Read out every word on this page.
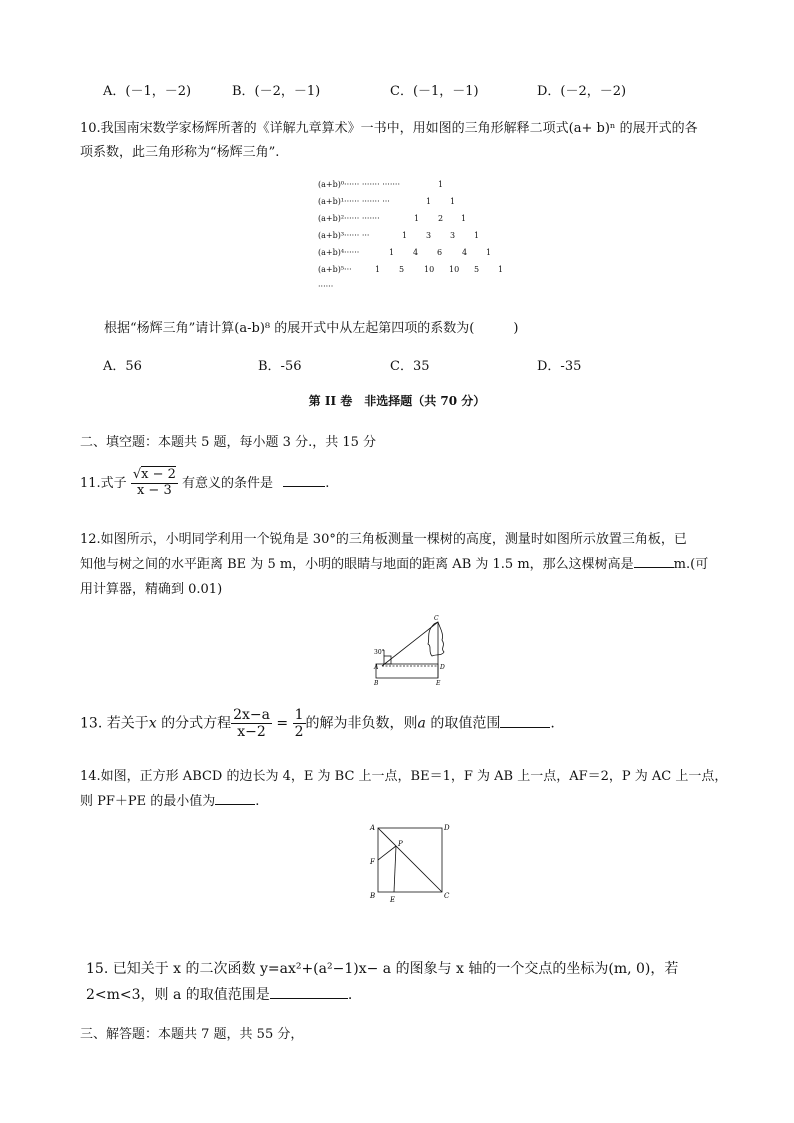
A．(－1，－2)	B．(－2，－1)	C．(－1，－1)	D．(－2，－2)
10.我国南宋数学家杨辉所著的《详解九章算术》一书中，用如图的三角形解释二项式(a+ b)ⁿ 的展开式的各
项系数，此三角形称为“杨辉三角”.
(a+b)⁰······ ······· ·······	1
(a+b)¹······ ······· ···	1 1
(a+b)²······ ·······	1 2 1
(a+b)³······ ···	1 3 3 1
(a+b)⁴······	1 4 6 4 1
(a+b)⁵···	1 5 10 10 5 1
······
根据“杨辉三角”请计算(a-b)⁸ 的展开式中从左起第四项的系数为(　　　)
A．56	B．-56	C．35	D．-35
第 II 卷　非选择题（共 70 分）
二、填空题：本题共 5 题，每小题 3 分.，共 15 分
11.式子 $\frac{√x - 2}{x - 3}$ 有意义的条件是	.
12.如图所示，小明同学利用一个锐角是 30°的三角板测量一棵树的高度，测量时如图所示放置三角板，已
知他与树之间的水平距离 BE 为 5 m，小明的眼睛与地面的距离 AB 为 1.5 m，那么这棵树高是	m.(可
用计算器，精确到 0.01)
30°
A
B
C
D
E
13. 若关于x 的分式方程 $\frac{2x-a}{x-2} = \frac{1}{2}$ 的解为非负数，则a 的取值范围	.
14.如图，正方形 ABCD 的边长为 4，E 为 BC 上一点，BE＝1，F 为 AB 上一点，AF＝2，P 为 AC 上一点，
则 PF＋PE 的最小值为	.
A	D
F
P
B E	C
15. 已知关于 x 的二次函数 y=ax²+(a²−1)x− a 的图象与 x 轴的一个交点的坐标为(m, 0)，若
2<m<3，则 a 的取值范围是	.
三、解答题：本题共 7 题，共 55 分，
